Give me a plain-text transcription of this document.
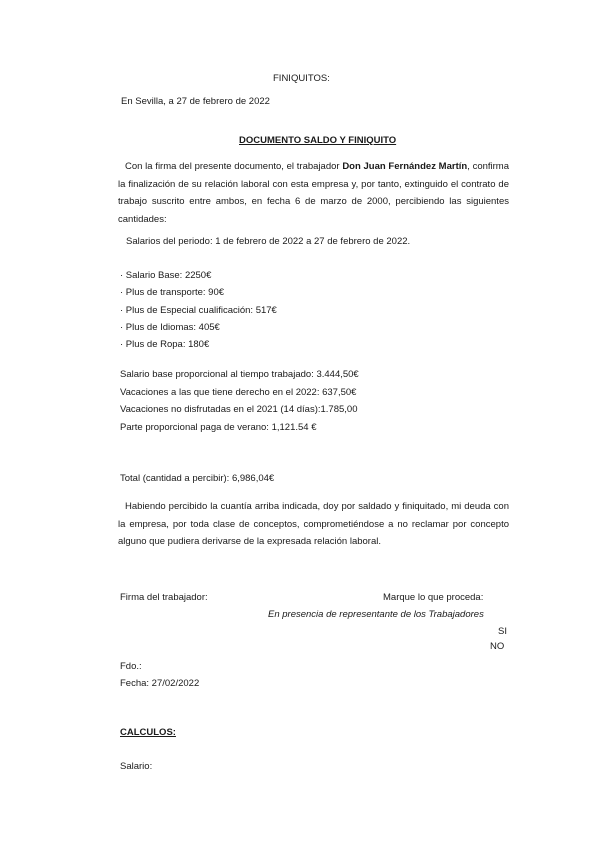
FINIQUITOS:
En Sevilla, a 27 de febrero de 2022
DOCUMENTO SALDO Y FINIQUITO
Con la firma del presente documento, el trabajador Don Juan Fernández Martín, confirma la finalización de su relación laboral con esta empresa y, por tanto, extinguido el contrato de trabajo suscrito entre ambos, en fecha 6 de marzo de 2000, percibiendo las siguientes cantidades:
Salarios del periodo: 1 de febrero de 2022 a 27 de febrero de 2022.
· Salario Base: 2250€
· Plus de transporte: 90€
· Plus de Especial cualificación: 517€
· Plus de Idiomas: 405€
· Plus de Ropa: 180€
Salario base proporcional al tiempo trabajado: 3.444,50€
Vacaciones a las que tiene derecho en el 2022: 637,50€
Vacaciones no disfrutadas en el 2021 (14 días):1.785,00
Parte proporcional paga de verano: 1,121.54 €
Total (cantidad a percibir): 6,986,04€
Habiendo percibido la cuantía arriba indicada, doy por saldado y finiquitado, mi deuda con la empresa, por toda clase de conceptos, comprometiéndose a no reclamar por concepto alguno que pudiera derivarse de la expresada relación laboral.
Firma del trabajador:	Marque lo que proceda:
En presencia de representante de los Trabajadores
SI
NO
Fdo.:
Fecha: 27/02/2022
CALCULOS:
Salario:
